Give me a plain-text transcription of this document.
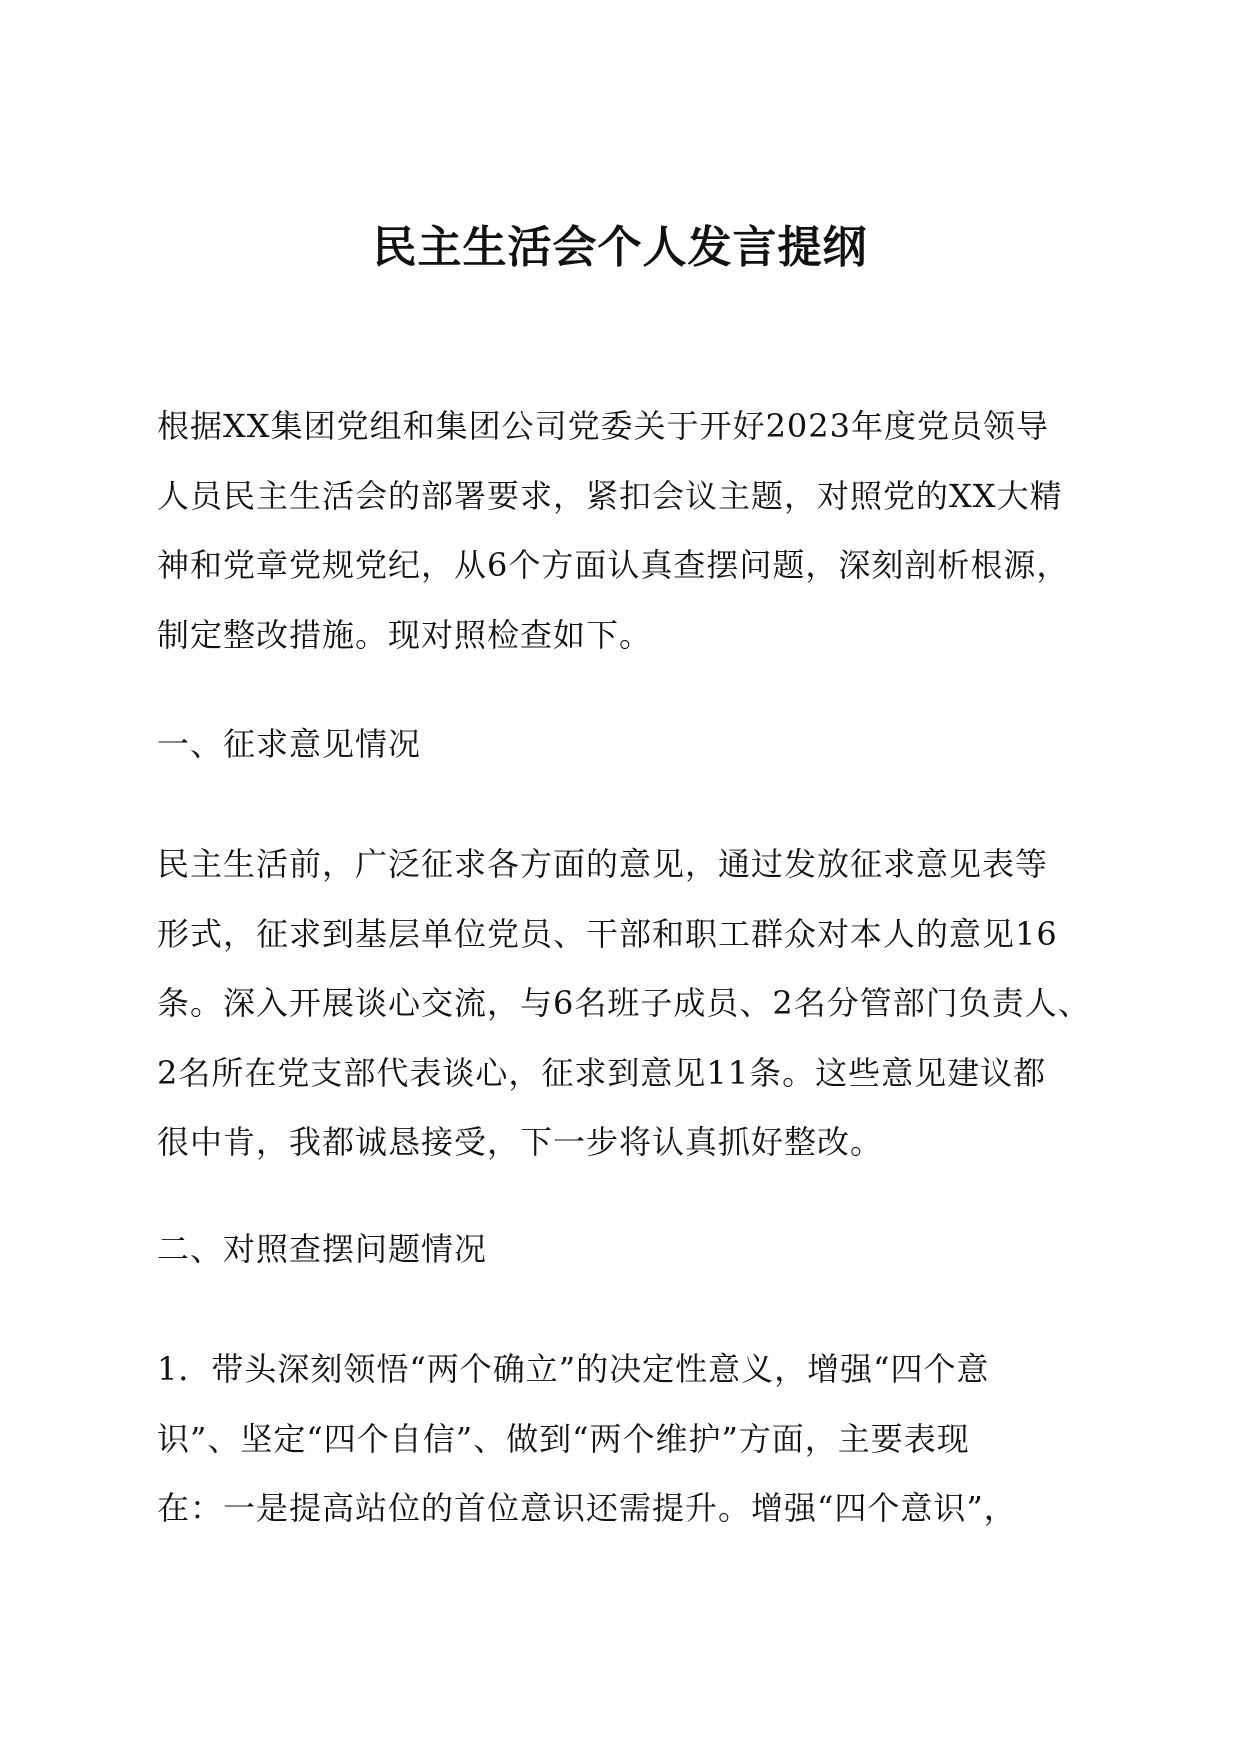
民主生活会个人发言提纲
根据XX集团党组和集团公司党委关于开好2023年度党员领导
人员民主生活会的部署要求，紧扣会议主题，对照党的XX大精
神和党章党规党纪，从6个方面认真查摆问题，深刻剖析根源，
制定整改措施。现对照检查如下。
一、征求意见情况
民主生活前，广泛征求各方面的意见，通过发放征求意见表等
形式，征求到基层单位党员、干部和职工群众对本人的意见16
条。深入开展谈心交流，与6名班子成员、2名分管部门负责人、
2名所在党支部代表谈心，征求到意见11条。这些意见建议都
很中肯，我都诚恳接受，下一步将认真抓好整改。
二、对照查摆问题情况
1．带头深刻领悟“两个确立”的决定性意义，增强“四个意
识”、坚定“四个自信”、做到“两个维护”方面，主要表现
在：一是提高站位的首位意识还需提升。增强“四个意识”，
